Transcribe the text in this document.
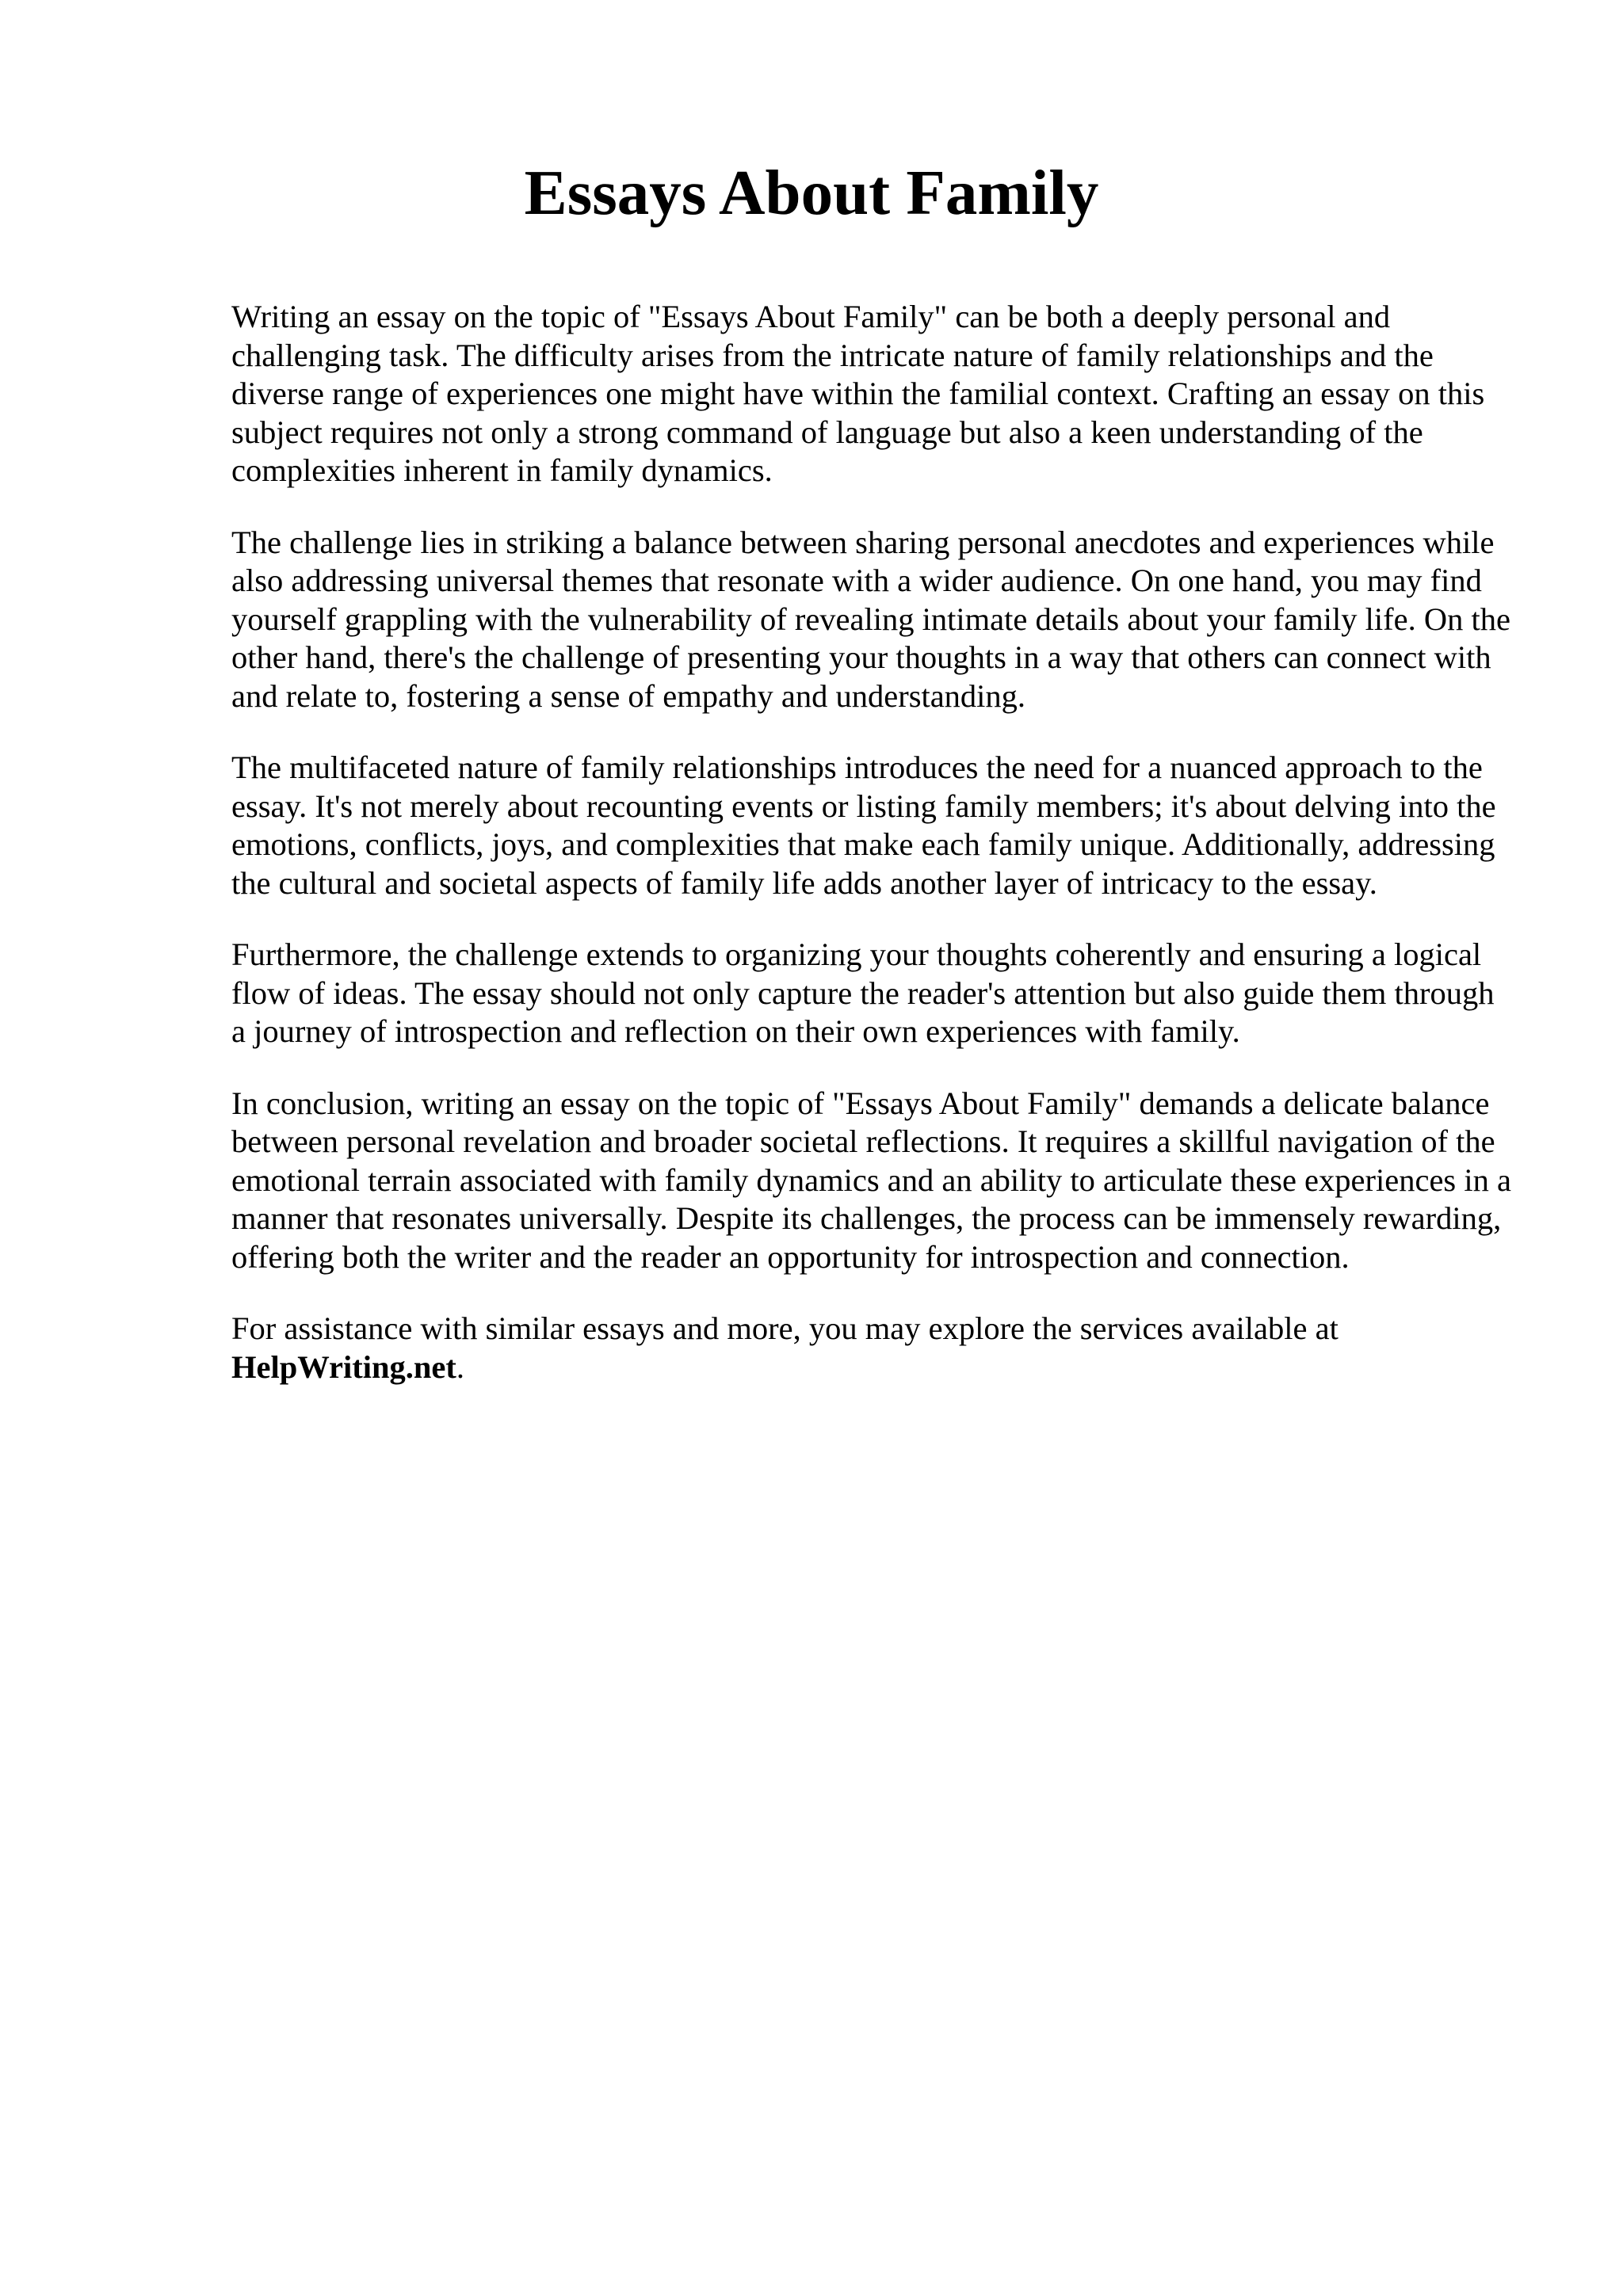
Essays About Family

Writing an essay on the topic of "Essays About Family" can be both a deeply personal and challenging task. The difficulty arises from the intricate nature of family relationships and the diverse range of experiences one might have within the familial context. Crafting an essay on this subject requires not only a strong command of language but also a keen understanding of the complexities inherent in family dynamics.

The challenge lies in striking a balance between sharing personal anecdotes and experiences while also addressing universal themes that resonate with a wider audience. On one hand, you may find yourself grappling with the vulnerability of revealing intimate details about your family life. On the other hand, there's the challenge of presenting your thoughts in a way that others can connect with and relate to, fostering a sense of empathy and understanding.

The multifaceted nature of family relationships introduces the need for a nuanced approach to the essay. It's not merely about recounting events or listing family members; it's about delving into the emotions, conflicts, joys, and complexities that make each family unique. Additionally, addressing the cultural and societal aspects of family life adds another layer of intricacy to the essay.

Furthermore, the challenge extends to organizing your thoughts coherently and ensuring a logical flow of ideas. The essay should not only capture the reader's attention but also guide them through a journey of introspection and reflection on their own experiences with family.

In conclusion, writing an essay on the topic of "Essays About Family" demands a delicate balance between personal revelation and broader societal reflections. It requires a skillful navigation of the emotional terrain associated with family dynamics and an ability to articulate these experiences in a manner that resonates universally. Despite its challenges, the process can be immensely rewarding, offering both the writer and the reader an opportunity for introspection and connection.

For assistance with similar essays and more, you may explore the services available at HelpWriting.net.
